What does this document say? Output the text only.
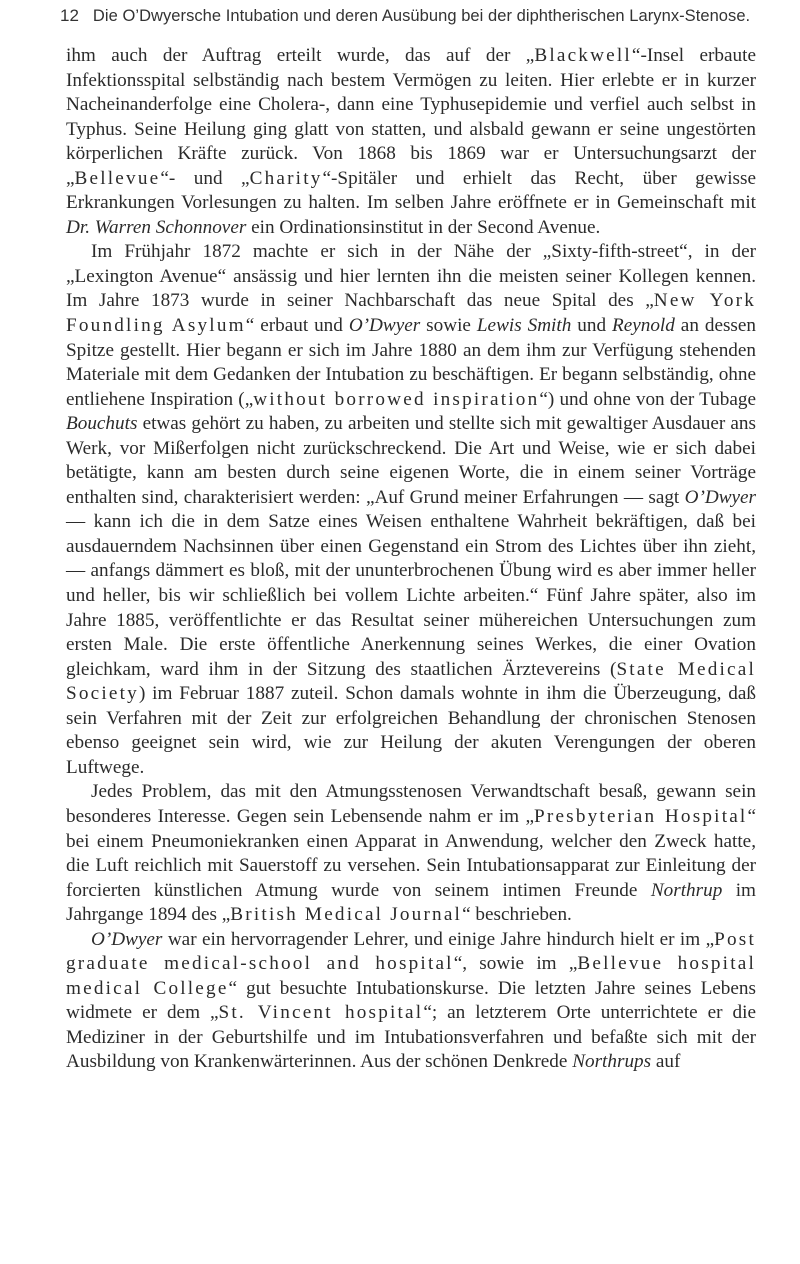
12 Die O’Dwyersche Intubation und deren Ausübung bei der diphtherischen Larynx-Stenose.

ihm auch der Auftrag erteilt wurde, das auf der „Blackwell“-Insel erbaute Infektionsspital selbständig nach bestem Vermögen zu leiten. Hier erlebte er in kurzer Nacheinanderfolge eine Cholera-, dann eine Typhusepidemie und verfiel auch selbst in Typhus. Seine Heilung ging glatt von statten, und alsbald gewann er seine ungestörten körperlichen Kräfte zurück. Von 1868 bis 1869 war er Untersuchungsarzt der „Bellevue“- und „Charity“-Spitäler und erhielt das Recht, über gewisse Erkrankungen Vorlesungen zu halten. Im selben Jahre eröffnete er in Gemeinschaft mit Dr. Warren Schonnover ein Ordinationsinstitut in der Second Avenue.

Im Frühjahr 1872 machte er sich in der Nähe der „Sixty-fifth-street“, in der „Lexington Avenue“ ansässig und hier lernten ihn die meisten seiner Kollegen kennen. Im Jahre 1873 wurde in seiner Nachbarschaft das neue Spital des „New York Foundling Asylum“ erbaut und O’Dwyer sowie Lewis Smith und Reynold an dessen Spitze gestellt. Hier begann er sich im Jahre 1880 an dem ihm zur Verfügung stehenden Materiale mit dem Gedanken der Intubation zu beschäftigen. Er begann selbständig, ohne entliehene Inspiration („without borrowed inspiration“) und ohne von der Tubage Bouchuts etwas gehört zu haben, zu arbeiten und stellte sich mit gewaltiger Ausdauer ans Werk, vor Mißerfolgen nicht zurückschreckend. Die Art und Weise, wie er sich dabei betätigte, kann am besten durch seine eigenen Worte, die in einem seiner Vorträge enthalten sind, charakterisiert werden: „Auf Grund meiner Erfahrungen — sagt O’Dwyer — kann ich die in dem Satze eines Weisen enthaltene Wahrheit bekräftigen, daß bei ausdauerndem Nachsinnen über einen Gegenstand ein Strom des Lichtes über ihn zieht, — anfangs dämmert es bloß, mit der ununterbrochenen Übung wird es aber immer heller und heller, bis wir schließlich bei vollem Lichte arbeiten.“ Fünf Jahre später, also im Jahre 1885, veröffentlichte er das Resultat seiner mühereichen Untersuchungen zum ersten Male. Die erste öffentliche Anerkennung seines Werkes, die einer Ovation gleichkam, ward ihm in der Sitzung des staatlichen Ärztevereins (State Medical Society) im Februar 1887 zuteil. Schon damals wohnte in ihm die Überzeugung, daß sein Verfahren mit der Zeit zur erfolgreichen Behandlung der chronischen Stenosen ebenso geeignet sein wird, wie zur Heilung der akuten Verengungen der oberen Luftwege.

Jedes Problem, das mit den Atmungsstenosen Verwandtschaft besaß, gewann sein besonderes Interesse. Gegen sein Lebensende nahm er im „Presbyterian Hospital“ bei einem Pneumoniekranken einen Apparat in Anwendung, welcher den Zweck hatte, die Luft reichlich mit Sauerstoff zu versehen. Sein Intubationsapparat zur Einleitung der forcierten künstlichen Atmung wurde von seinem intimen Freunde Northrup im Jahrgange 1894 des „British Medical Journal“ beschrieben.

O’Dwyer war ein hervorragender Lehrer, und einige Jahre hindurch hielt er im „Post graduate medical-school and hospital“, sowie im „Bellevue hospital medical College“ gut besuchte Intubationskurse. Die letzten Jahre seines Lebens widmete er dem „St. Vincent hospital“; an letzterem Orte unterrichtete er die Mediziner in der Geburtshilfe und im Intubationsverfahren und befaßte sich mit der Ausbildung von Krankenwärterinnen. Aus der schönen Denkrede Northrups auf
